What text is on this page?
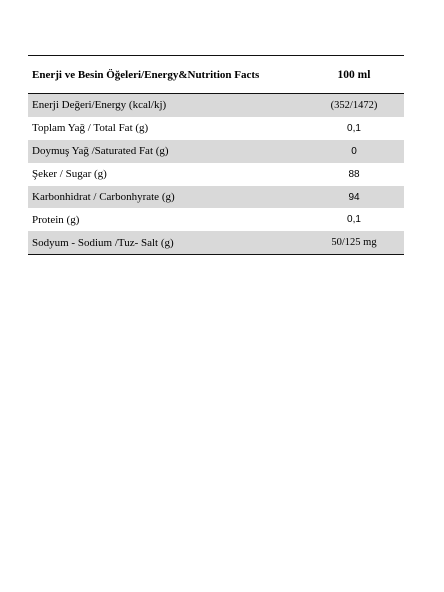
Enerji ve Besin Öğeleri/Energy&Nutrition Facts	100 ml
Enerji Değeri/Energy (kcal/kj)	(352/1472)
Toplam Yağ / Total Fat (g)	0,1
Doymuş Yağ /Saturated Fat (g)	0
Şeker / Sugar (g)	88
Karbonhidrat / Carbonhyrate (g)	94
Protein (g)	0,1
Sodyum - Sodium /Tuz- Salt (g)	50/125 mg
